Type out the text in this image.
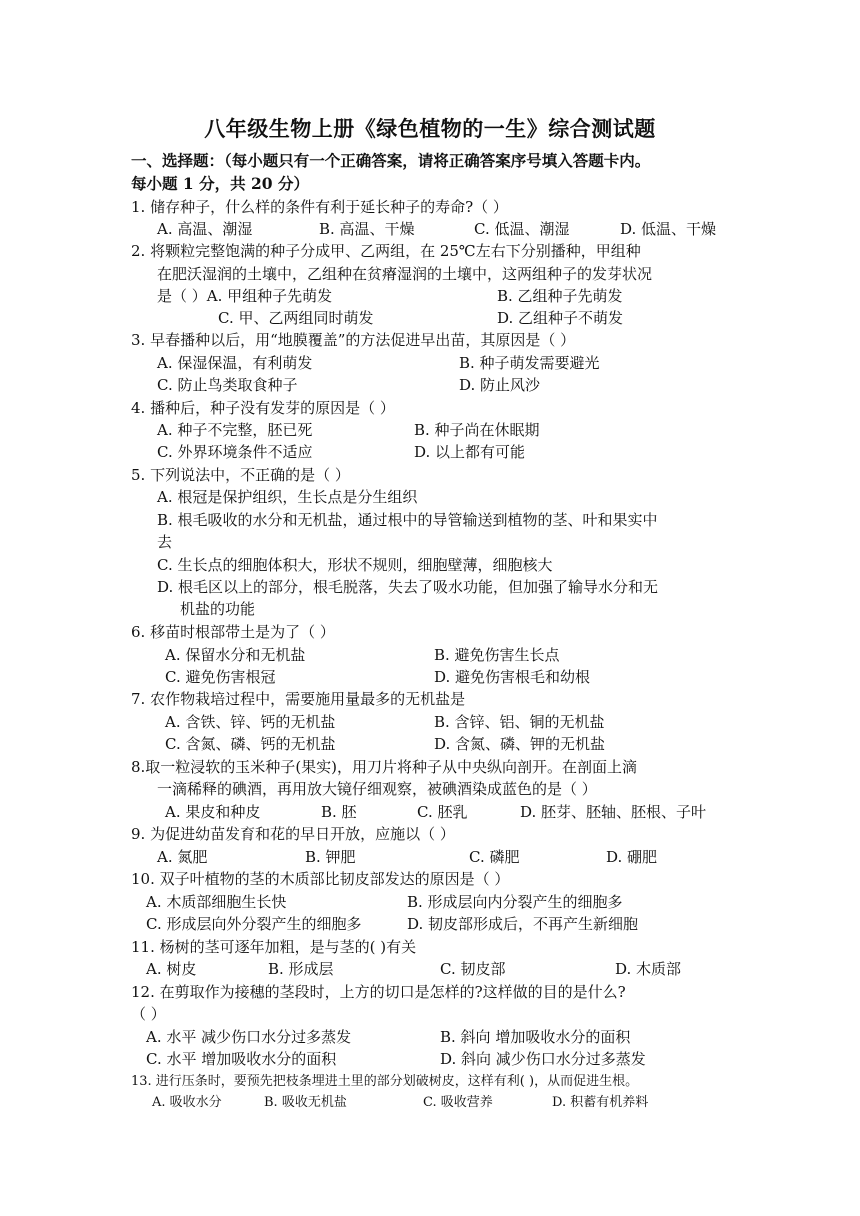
八年级生物上册《绿色植物的一生》综合测试题
一、选择题：（每小题只有一个正确答案，请将正确答案序号填入答题卡内。
每小题 1 分，共 20 分）
1. 储存种子，什么样的条件有利于延长种子的寿命?（ ）
A. 高温、潮湿	B. 高温、干燥	C. 低温、潮湿	D. 低温、干燥
2. 将颗粒完整饱满的种子分成甲、乙两组，在 25℃左右下分别播种，甲组种
在肥沃湿润的土壤中，乙组种在贫瘠湿润的土壤中，这两组种子的发芽状况
是（ ）A. 甲组种子先萌发	B. 乙组种子先萌发
C. 甲、乙两组同时萌发	D. 乙组种子不萌发
3. 早春播种以后，用“地膜覆盖”的方法促进早出苗，其原因是（ ）
A. 保湿保温，有利萌发	B. 种子萌发需要避光
C. 防止鸟类取食种子	D. 防止风沙
4. 播种后，种子没有发芽的原因是（ ）
A. 种子不完整，胚已死	B. 种子尚在休眠期
C. 外界环境条件不适应	D. 以上都有可能
5. 下列说法中，不正确的是（ ）
A. 根冠是保护组织，生长点是分生组织
B. 根毛吸收的水分和无机盐，通过根中的导管输送到植物的茎、叶和果实中
去
C. 生长点的细胞体积大，形状不规则，细胞壁薄，细胞核大
D. 根毛区以上的部分，根毛脱落，失去了吸水功能，但加强了输导水分和无
机盐的功能
6. 移苗时根部带土是为了（ ）
A. 保留水分和无机盐	B. 避免伤害生长点
C. 避免伤害根冠	D. 避免伤害根毛和幼根
7. 农作物栽培过程中，需要施用量最多的无机盐是
A. 含铁、锌、钙的无机盐	B. 含锌、铝、铜的无机盐
C. 含氮、磷、钙的无机盐	D. 含氮、磷、钾的无机盐
8.取一粒浸软的玉米种子(果实)，用刀片将种子从中央纵向剖开。在剖面上滴
一滴稀释的碘酒，再用放大镜仔细观察，被碘酒染成蓝色的是（ ）
A. 果皮和种皮	B. 胚	C. 胚乳	D. 胚芽、胚轴、胚根、子叶
9. 为促进幼苗发育和花的早日开放，应施以（ ）
A. 氮肥	B. 钾肥	C. 磷肥	D. 硼肥
10. 双子叶植物的茎的木质部比韧皮部发达的原因是（ ）
A. 木质部细胞生长快	B. 形成层向内分裂产生的细胞多
C. 形成层向外分裂产生的细胞多	D. 韧皮部形成后，不再产生新细胞
11. 杨树的茎可逐年加粗，是与茎的( )有关
A. 树皮	B. 形成层	C. 韧皮部	D. 木质部
12. 在剪取作为接穗的茎段时，上方的切口是怎样的?这样做的目的是什么?
（ ）
A. 水平 减少伤口水分过多蒸发	B. 斜向 增加吸收水分的面积
C. 水平 增加吸收水分的面积	D. 斜向 减少伤口水分过多蒸发
13. 进行压条时，要预先把枝条埋进土里的部分划破树皮，这样有利( )，从而促进生根。
A. 吸收水分	B. 吸收无机盐	C. 吸收营养	D. 积蓄有机养料
